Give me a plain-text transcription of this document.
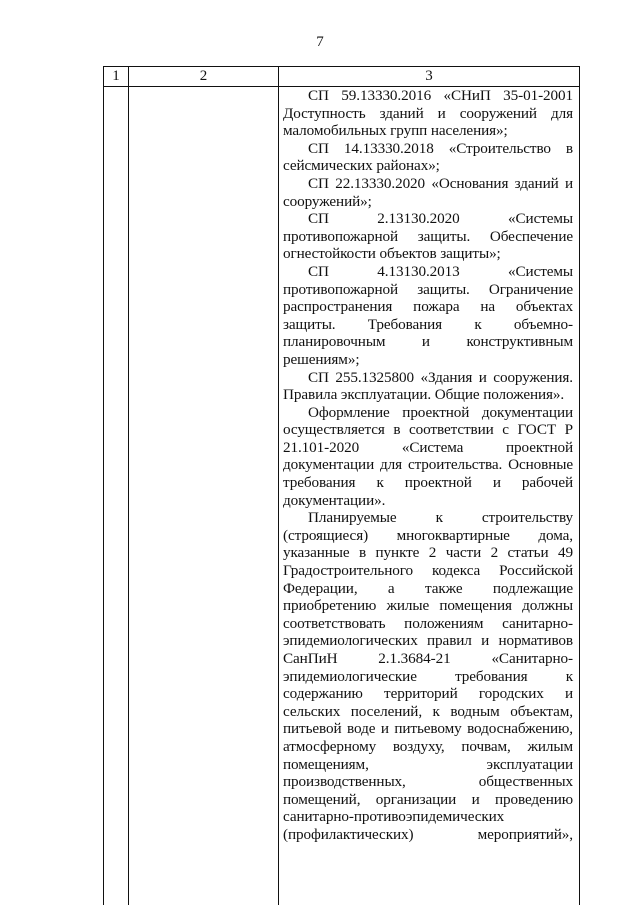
7
1	2	3

СП 59.13330.2016 «СНиП 35-01-2001 Доступность зданий и сооружений для маломобильных групп населения»;

СП 14.13330.2018 «Строительство в сейсмических районах»;

СП 22.13330.2020 «Основания зданий и сооружений»;

СП 2.13130.2020 «Системы противопожарной защиты. Обеспечение огнестойкости объектов защиты»;

СП 4.13130.2013 «Системы противопожарной защиты. Ограничение распространения пожара на объектах защиты. Требования к объемно-планировочным и конструктивным решениям»;

СП 255.1325800 «Здания и сооружения. Правила эксплуатации. Общие положения».

Оформление проектной документации осуществляется в соответствии с ГОСТ Р 21.101-2020 «Система проектной документации для строительства. Основные требования к проектной и рабочей документации».

Планируемые к строительству (строящиеся) многоквартирные дома, указанные в пункте 2 части 2 статьи 49 Градостроительного кодекса Российской Федерации, а также подлежащие приобретению жилые помещения должны соответствовать положениям санитарно-эпидемиологических правил и нормативов СанПиН 2.1.3684-21 «Санитарно-эпидемиологические требования к содержанию территорий городских и сельских поселений, к водным объектам, питьевой воде и питьевому водоснабжению, атмосферному воздуху, почвам, жилым помещениям, эксплуатации производственных, общественных помещений, организации и проведению санитарно-противоэпидемических (профилактических) мероприятий»,
